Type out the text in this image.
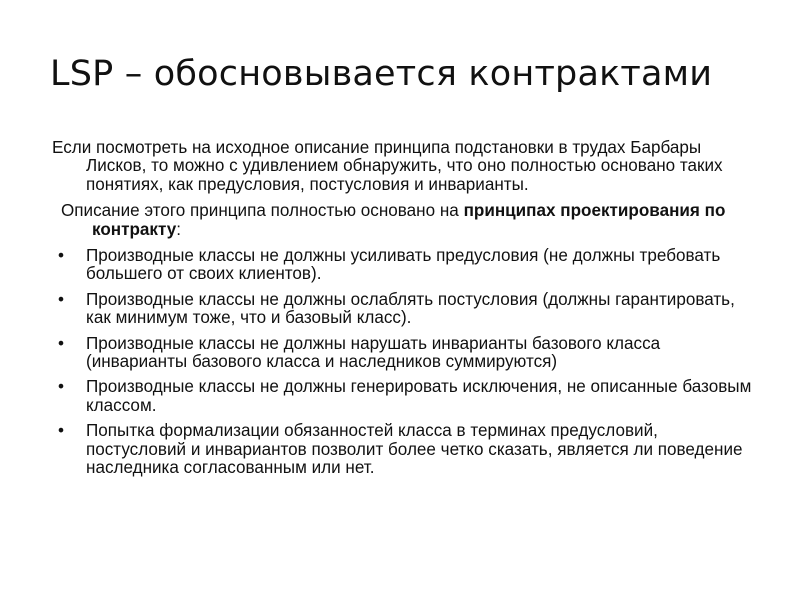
LSP – обосновывается контрактами

Если посмотреть на исходное описание принципа подстановки в трудах Барбары Лисков, то можно с удивлением обнаружить, что оно полностью основано таких понятиях, как предусловия, постусловия и инварианты.

Описание этого принципа полностью основано на принципах проектирования по контракту:

• Производные классы не должны усиливать предусловия (не должны требовать большего от своих клиентов).
• Производные классы не должны ослаблять постусловия (должны гарантировать, как минимум тоже, что и базовый класс).
• Производные классы не должны нарушать инварианты базового класса (инварианты базового класса и наследников суммируются)
• Производные классы не должны генерировать исключения, не описанные базовым классом.
• Попытка формализации обязанностей класса в терминах предусловий, постусловий и инвариантов позволит более четко сказать, является ли поведение наследника согласованным или нет.
